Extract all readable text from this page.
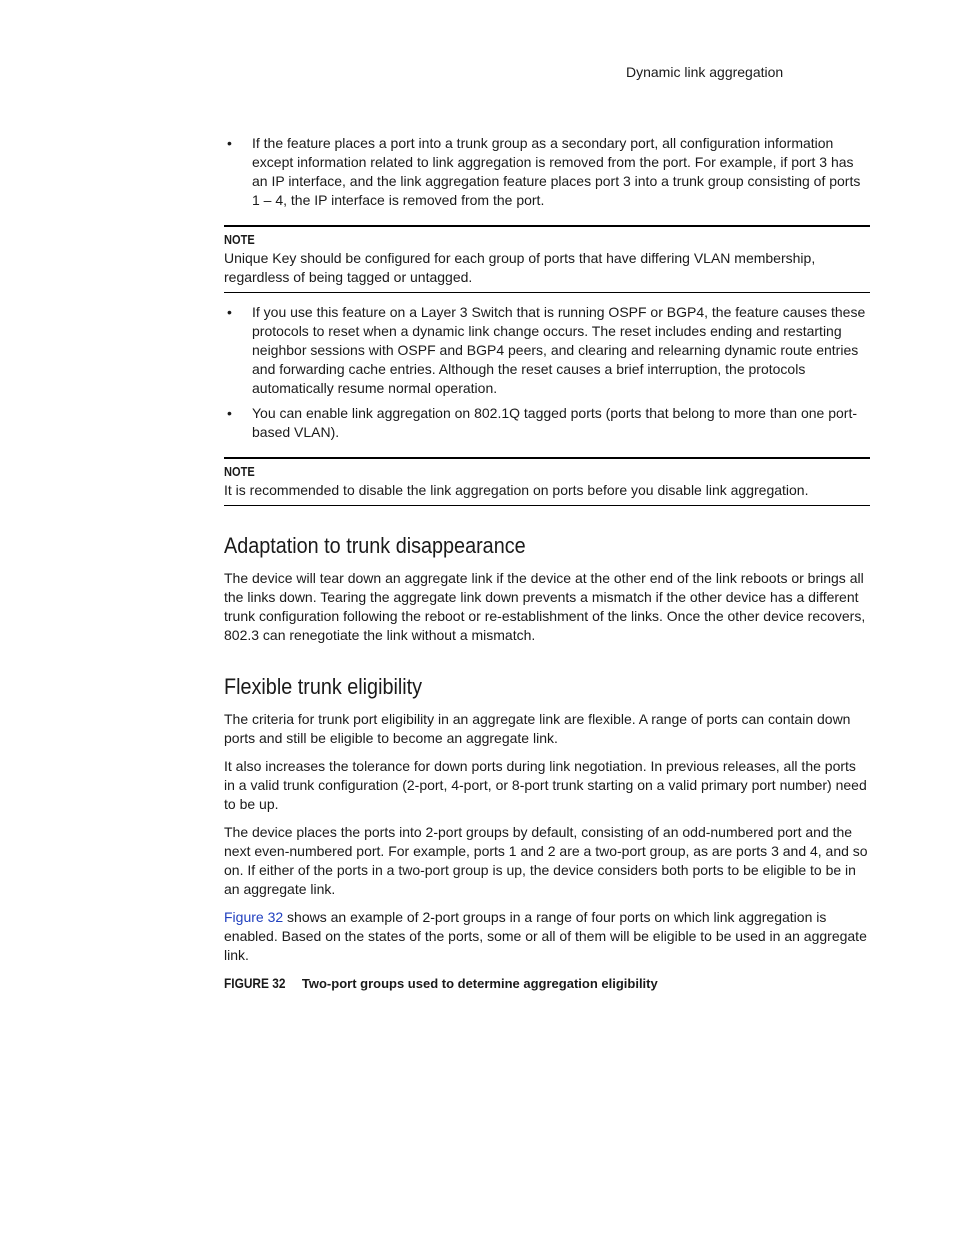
Dynamic link aggregation
• If the feature places a port into a trunk group as a secondary port, all configuration information except information related to link aggregation is removed from the port. For example, if port 3 has an IP interface, and the link aggregation feature places port 3 into a trunk group consisting of ports 1 – 4, the IP interface is removed from the port.
NOTE

Unique Key should be configured for each group of ports that have differing VLAN membership, regardless of being tagged or untagged.

• If you use this feature on a Layer 3 Switch that is running OSPF or BGP4, the feature causes these protocols to reset when a dynamic link change occurs. The reset includes ending and restarting neighbor sessions with OSPF and BGP4 peers, and clearing and relearning dynamic route entries and forwarding cache entries. Although the reset causes a brief interruption, the protocols automatically resume normal operation.
• You can enable link aggregation on 802.1Q tagged ports (ports that belong to more than one port-based VLAN).
NOTE

It is recommended to disable the link aggregation on ports before you disable link aggregation.

Adaptation to trunk disappearance

The device will tear down an aggregate link if the device at the other end of the link reboots or brings all the links down. Tearing the aggregate link down prevents a mismatch if the other device has a different trunk configuration following the reboot or re-establishment of the links. Once the other device recovers, 802.3 can renegotiate the link without a mismatch.

Flexible trunk eligibility

The criteria for trunk port eligibility in an aggregate link are flexible. A range of ports can contain down ports and still be eligible to become an aggregate link.

It also increases the tolerance for down ports during link negotiation. In previous releases, all the ports in a valid trunk configuration (2-port, 4-port, or 8-port trunk starting on a valid primary port number) need to be up.

The device places the ports into 2-port groups by default, consisting of an odd-numbered port and the next even-numbered port. For example, ports 1 and 2 are a two-port group, as are ports 3 and 4, and so on. If either of the ports in a two-port group is up, the device considers both ports to be eligible to be in an aggregate link.

Figure 32 shows an example of 2-port groups in a range of four ports on which link aggregation is enabled. Based on the states of the ports, some or all of them will be eligible to be used in an aggregate link.

FIGURE 32 Two-port groups used to determine aggregation eligibility
